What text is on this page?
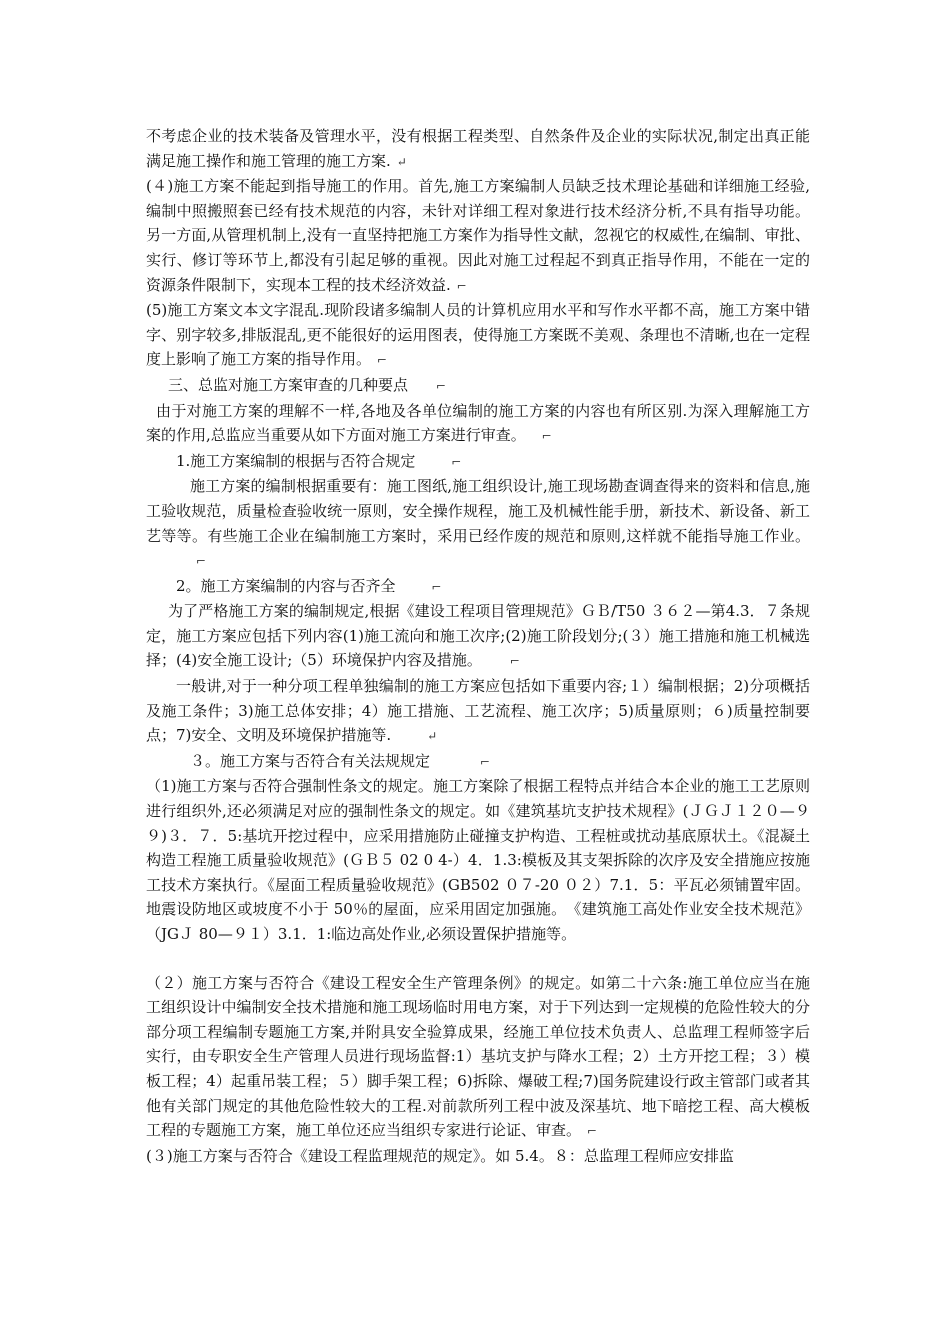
不考虑企业的技术装备及管理水平，没有根据工程类型、自然条件及企业的实际状况,制定出真正能满足施工操作和施工管理的施工方案. ↵

(４)施工方案不能起到指导施工的作用。首先,施工方案编制人员缺乏技术理论基础和详细施工经验,编制中照搬照套已经有技术规范的内容，未针对详细工程对象进行技术经济分析,不具有指导功能。另一方面,从管理机制上,没有一直坚持把施工方案作为指导性文献，忽视它的权威性,在编制、审批、实行、修订等环节上,都没有引起足够的重视。因此对施工过程起不到真正指导作用，不能在一定的资源条件限制下，实现本工程的技术经济效益. ⌐

(5)施工方案文本文字混乱.现阶段诸多编制人员的计算机应用水平和写作水平都不高，施工方案中错字、别字较多,排版混乱,更不能很好的运用图表，使得施工方案既不美观、条理也不清晰,也在一定程度上影响了施工方案的指导作用。 ⌐

三、总监对施工方案审查的几种要点 ⌐

由于对施工方案的理解不一样,各地及各单位编制的施工方案的内容也有所区别.为深入理解施工方案的作用,总监应当重要从如下方面对施工方案进行审查。 ⌐

1.施工方案编制的根据与否符合规定	⌐

施工方案的编制根据重要有：施工图纸,施工组织设计,施工现场勘查调查得来的资料和信息,施工验收规范，质量检查验收统一原则，安全操作规程，施工及机械性能手册，新技术、新设备、新工艺等等。有些施工企业在编制施工方案时，采用已经作废的规范和原则,这样就不能指导施工作业。⌐

2。施工方案编制的内容与否齐全	⌐

为了严格施工方案的编制规定,根据《建设工程项目管理规范》ＧＢ/T50 ３６２—第4.3．７条规定，施工方案应包括下列内容(1)施工流向和施工次序;(2)施工阶段划分;(３）施工措施和施工机械选择；(4)安全施工设计;（5）环境保护内容及措施。 ⌐

一般讲,对于一种分项工程单独编制的施工方案应包括如下重要内容;１）编制根据；2)分项概括及施工条件；3)施工总体安排；4）施工措施、工艺流程、施工次序；5)质量原则；６)质量控制要点；7)安全、文明及环境保护措施等.	↵

３。施工方案与否符合有关法规规定	⌐

（1)施工方案与否符合强制性条文的规定。施工方案除了根据工程特点并结合本企业的施工工艺原则进行组织外,还必须满足对应的强制性条文的规定。如《建筑基坑支护技术规程》(ＪＧＪ１２０—９９)３．７．5:基坑开挖过程中，应采用措施防止碰撞支护构造、工程桩或扰动基底原状土。《混凝土构造工程施工质量验收规范》(ＧＢ５ 02 0 4-）4．1.3:模板及其支架拆除的次序及安全措施应按施工技术方案执行。《屋面工程质量验收规范》(GB502 ０７-20 ０２）7.1．5：平瓦必须铺置牢固。地震设防地区或坡度不小于 50％的屋面，应采用固定加强施。　《建筑施工高处作业安全技术规范》（JGＪ 80—９１）3.1．1:临边高处作业,必须设置保护措施等。

（２）施工方案与否符合《建设工程安全生产管理条例》的规定。如第二十六条:施工单位应当在施工组织设计中编制安全技术措施和施工现场临时用电方案，对于下列达到一定规模的危险性较大的分部分项工程编制专题施工方案,并附具安全验算成果，经施工单位技术负责人、总监理工程师签字后实行，由专职安全生产管理人员进行现场监督:1）基坑支护与降水工程；2）土方开挖工程；３）模板工程；4）起重吊装工程；５）脚手架工程；6)拆除、爆破工程;7)国务院建设行政主管部门或者其他有关部门规定的其他危险性较大的工程.对前款所列工程中波及深基坑、地下暗挖工程、高大模板工程的专题施工方案，施工单位还应当组织专家进行论证、审查。 ⌐

(３)施工方案与否符合《建设工程监理规范的规定》。如 5.4。８：总监理工程师应安排监
